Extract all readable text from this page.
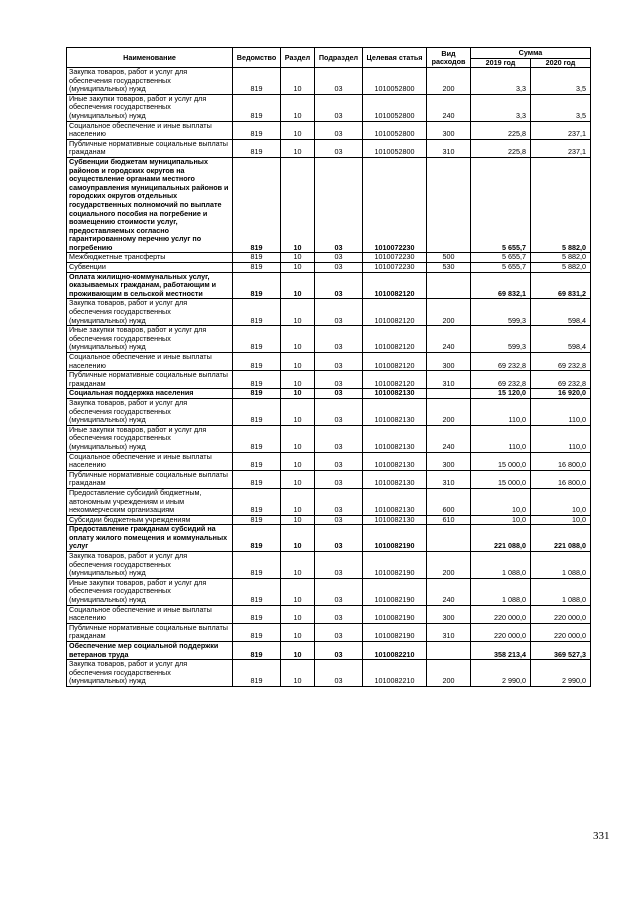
Наименование	Ведомство	Раздел	Подраздел	Целевая статья	Вид расходов	Сумма	
						2019 год	2020 год
Закупка товаров, работ и услуг для обеспечения государственных (муниципальных) нужд	819	10	03	1010052800	200	3,3	3,5
Иные закупки товаров, работ и услуг для обеспечения государственных (муниципальных) нужд	819	10	03	1010052800	240	3,3	3,5
Социальное обеспечение и иные выплаты населению	819	10	03	1010052800	300	225,8	237,1
Публичные нормативные социальные выплаты гражданам	819	10	03	1010052800	310	225,8	237,1
Субвенции бюджетам муниципальных районов и городских округов на осуществление органами местного самоуправления муниципальных районов и городских округов отдельных государственных полномочий по выплате социального пособия на погребение и возмещению стоимости услуг, предоставляемых согласно гарантированному перечню услуг по погребению	819	10	03	1010072230		5 655,7	5 882,0
Межбюджетные трансферты	819	10	03	1010072230	500	5 655,7	5 882,0
Субвенции	819	10	03	1010072230	530	5 655,7	5 882,0
Оплата жилищно-коммунальных услуг, оказываемых гражданам, работающим и проживающим в сельской местности	819	10	03	1010082120		69 832,1	69 831,2
Закупка товаров, работ и услуг для обеспечения государственных (муниципальных) нужд	819	10	03	1010082120	200	599,3	598,4
Иные закупки товаров, работ и услуг для обеспечения государственных (муниципальных) нужд	819	10	03	1010082120	240	599,3	598,4
Социальное обеспечение и иные выплаты населению	819	10	03	1010082120	300	69 232,8	69 232,8
Публичные нормативные социальные выплаты гражданам	819	10	03	1010082120	310	69 232,8	69 232,8
Социальная поддержка населения	819	10	03	1010082130		15 120,0	16 920,0
Закупка товаров, работ и услуг для обеспечения государственных (муниципальных) нужд	819	10	03	1010082130	200	110,0	110,0
Иные закупки товаров, работ и услуг для обеспечения государственных (муниципальных) нужд	819	10	03	1010082130	240	110,0	110,0
Социальное обеспечение и иные выплаты населению	819	10	03	1010082130	300	15 000,0	16 800,0
Публичные нормативные социальные выплаты гражданам	819	10	03	1010082130	310	15 000,0	16 800,0
Предоставление субсидий бюджетным, автономным учреждениям и иным некоммерческим организациям	819	10	03	1010082130	600	10,0	10,0
Субсидии бюджетным учреждениям	819	10	03	1010082130	610	10,0	10,0
Предоставление гражданам субсидий на оплату жилого помещения и коммунальных услуг	819	10	03	1010082190		221 088,0	221 088,0
Закупка товаров, работ и услуг для обеспечения государственных (муниципальных) нужд	819	10	03	1010082190	200	1 088,0	1 088,0
Иные закупки товаров, работ и услуг для обеспечения государственных (муниципальных) нужд	819	10	03	1010082190	240	1 088,0	1 088,0
Социальное обеспечение и иные выплаты населению	819	10	03	1010082190	300	220 000,0	220 000,0
Публичные нормативные социальные выплаты гражданам	819	10	03	1010082190	310	220 000,0	220 000,0
Обеспечение мер социальной поддержки ветеранов труда	819	10	03	1010082210		358 213,4	369 527,3
Закупка товаров, работ и услуг для обеспечения государственных (муниципальных) нужд	819	10	03	1010082210	200	2 990,0	2 990,0
331
